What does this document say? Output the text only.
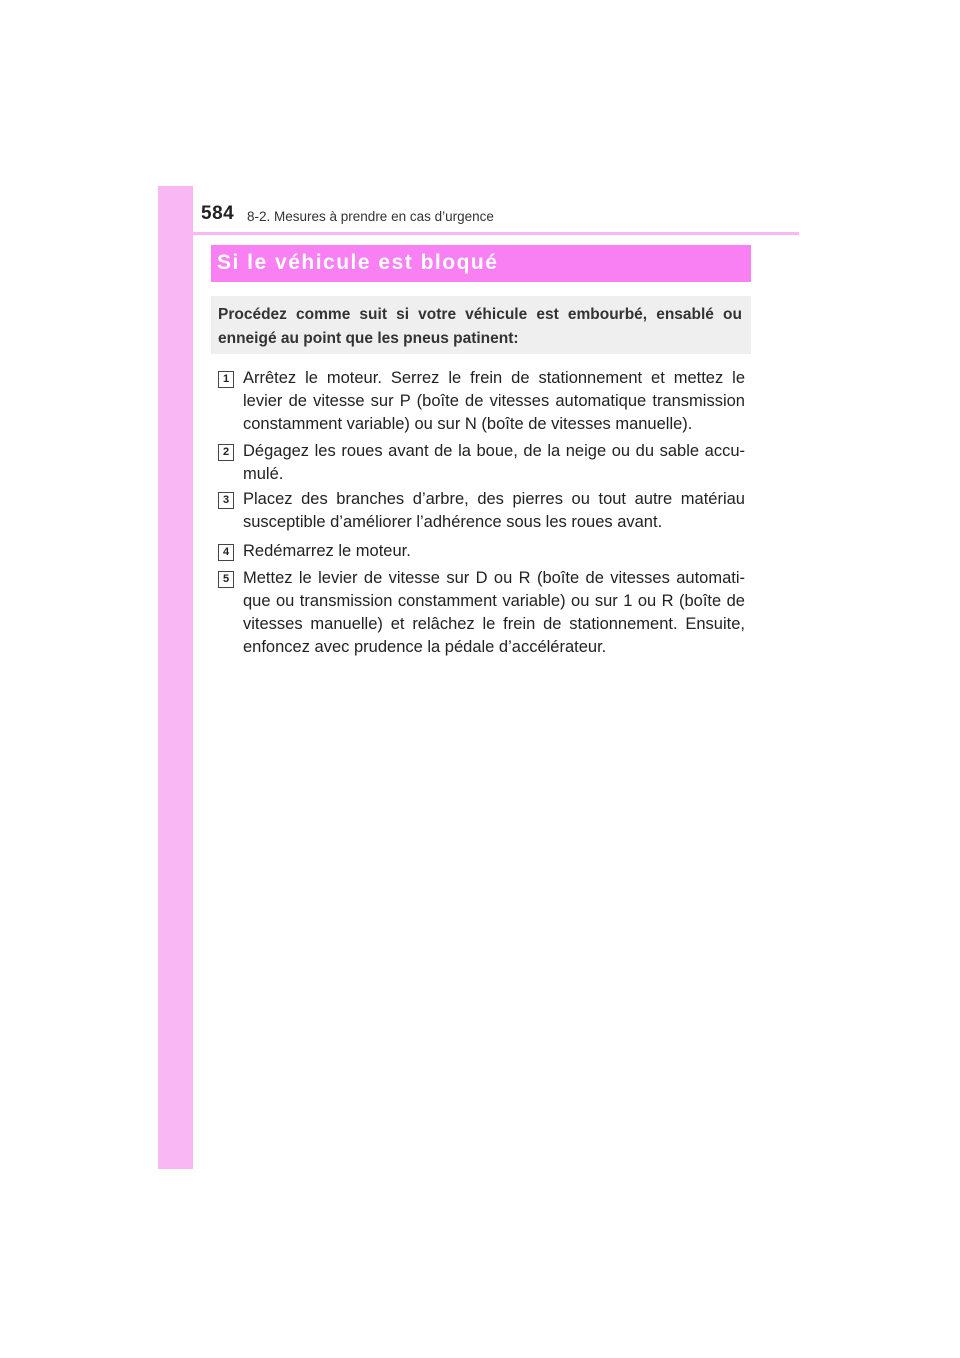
584 8-2. Mesures à prendre en cas d’urgence
Si le véhicule est bloqué
Procédez comme suit si votre véhicule est embourbé, ensablé ou enneigé au point que les pneus patinent:
1 Arrêtez le moteur. Serrez le frein de stationnement et mettez le levier de vitesse sur P (boîte de vitesses automatique transmission constamment variable) ou sur N (boîte de vitesses manuelle).
2 Dégagez les roues avant de la boue, de la neige ou du sable accu-mulé.
3 Placez des branches d’arbre, des pierres ou tout autre matériau susceptible d’améliorer l’adhérence sous les roues avant.
4 Redémarrez le moteur.
5 Mettez le levier de vitesse sur D ou R (boîte de vitesses automati-que ou transmission constamment variable) ou sur 1 ou R (boîte de vitesses manuelle) et relâchez le frein de stationnement. Ensuite, enfoncez avec prudence la pédale d’accélérateur.
